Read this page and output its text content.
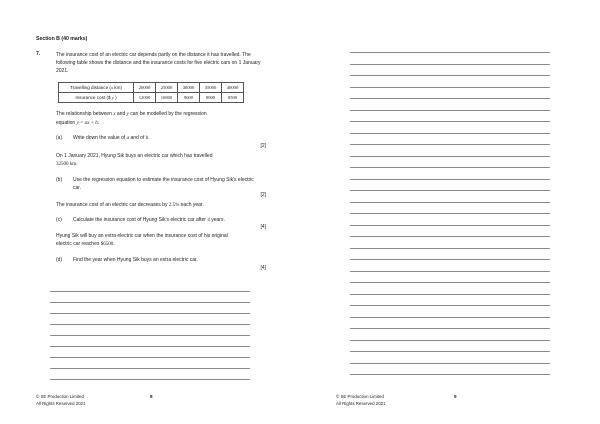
Section B (40 marks)
7.	The insurance cost of an electric car depends partly on the distance it has travelled. The following table shows the distance and the insurance costs for five electric cars on 1 January 2021.
Travelling distance (x km)	20000	25000	30000	35000	40000
Insurance cost ($ y )	12000	10800	9600	9000	8500
The relationship between x and y can be modelled by the regression
equation y = ax + b.
(a) Write down the value of a and of b.
[2]
On 1 January 2021, Hyung Sik buys an electric car which has travelled
32500 km.
(b) Use the regression equation to estimate the insurance cost of Hyung Sik's electric car.
[2]
The insurance cost of an electric car decreases by 2.5% each year.
(c) Calculate the insurance cost of Hyung Sik's electric car after 4 years.
[4]
Hyung Sik will buy an extra electric car when the insurance cost of his original
electric car reaches $6500.
(d) Find the year when Hyung Sik buys an extra electric car.
[4]
© SE Production Limited
All Rights Reserved 2021
8	© SE Production Limited
All Rights Reserved 2021
9
